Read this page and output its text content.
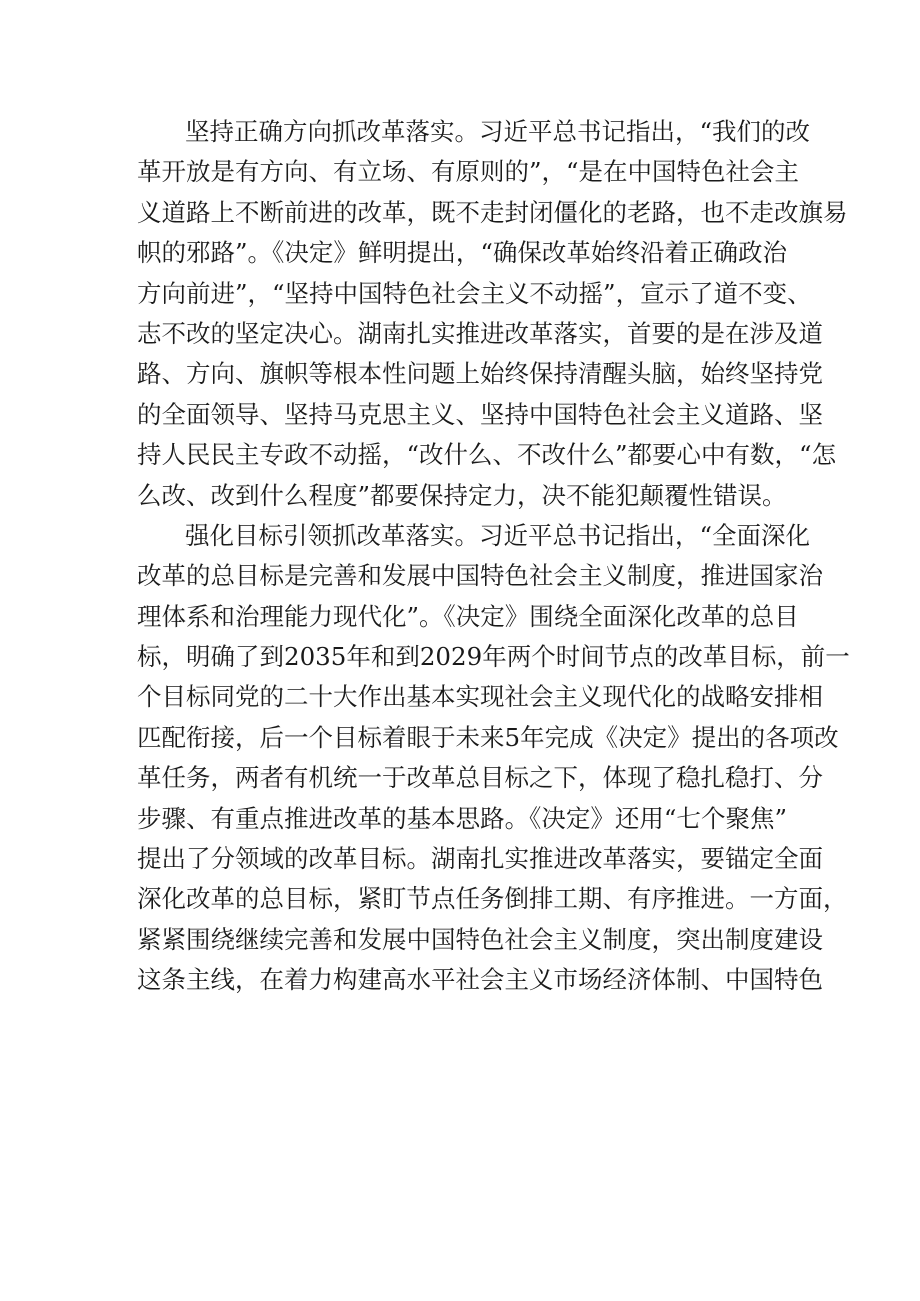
坚持正确方向抓改革落实。习近平总书记指出，“我们的改
革开放是有方向、有立场、有原则的”，“是在中国特色社会主
义道路上不断前进的改革，既不走封闭僵化的老路，也不走改旗易
帜的邪路”。《决定》鲜明提出，“确保改革始终沿着正确政治
方向前进”，“坚持中国特色社会主义不动摇”，宣示了道不变、
志不改的坚定决心。湖南扎实推进改革落实，首要的是在涉及道
路、方向、旗帜等根本性问题上始终保持清醒头脑，始终坚持党
的全面领导、坚持马克思主义、坚持中国特色社会主义道路、坚
持人民民主专政不动摇，“改什么、不改什么”都要心中有数，“怎
么改、改到什么程度”都要保持定力，决不能犯颠覆性错误。
强化目标引领抓改革落实。习近平总书记指出，“全面深化
改革的总目标是完善和发展中国特色社会主义制度，推进国家治
理体系和治理能力现代化”。《决定》围绕全面深化改革的总目
标，明确了到2035年和到2029年两个时间节点的改革目标，前一
个目标同党的二十大作出基本实现社会主义现代化的战略安排相
匹配衔接，后一个目标着眼于未来5年完成《决定》提出的各项改
革任务，两者有机统一于改革总目标之下，体现了稳扎稳打、分
步骤、有重点推进改革的基本思路。《决定》还用“七个聚焦”
提出了分领域的改革目标。湖南扎实推进改革落实，要锚定全面
深化改革的总目标，紧盯节点任务倒排工期、有序推进。一方面，
紧紧围绕继续完善和发展中国特色社会主义制度，突出制度建设
这条主线，在着力构建高水平社会主义市场经济体制、中国特色
